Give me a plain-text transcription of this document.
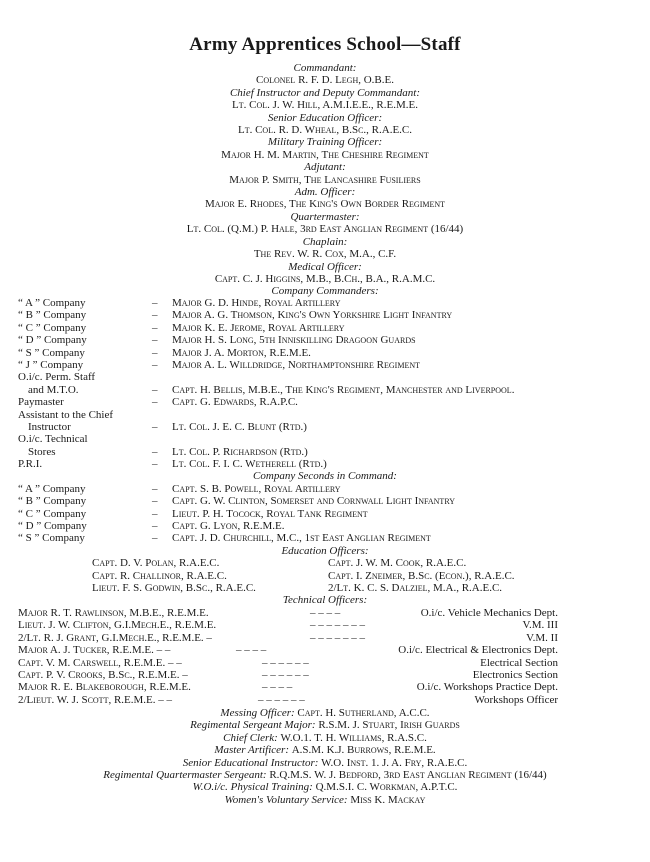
Army Apprentices School—Staff
Commandant:
Colonel R. F. D. Legh, O.B.E.
Chief Instructor and Deputy Commandant:
Lt. Col. J. W. Hill, A.M.I.E.E., R.E.M.E.
Senior Education Officer:
Lt. Col. R. D. Wheal, B.Sc., R.A.E.C.
Military Training Officer:
Major H. M. Martin, The Cheshire Regiment
Adjutant:
Major P. Smith, The Lancashire Fusiliers
Adm. Officer:
Major E. Rhodes, The King's Own Border Regiment
Quartermaster:
Lt. Col. (Q.M.) P. Hale, 3rd East Anglian Regiment (16/44)
Chaplain:
The Rev. W. R. Cox, M.A., C.F.
Medical Officer:
Capt. C. J. Higgins, M.B., B.Ch., B.A., R.A.M.C.
Company Commanders:
“ A ” Company	– Major G. D. Hinde, Royal Artillery
“ B ” Company	– Major A. G. Thomson, King's Own Yorkshire Light Infantry
“ C ” Company	– Major K. E. Jerome, Royal Artillery
“ D ” Company	– Major H. S. Long, 5th Inniskilling Dragoon Guards
“ S ” Company	– Major J. A. Morton, R.E.M.E.
“ J ” Company	– Major A. L. Willdridge, Northamptonshire Regiment
O.i/c. Perm. Staff
and M.T.O.	– Capt. H. Bellis, M.B.E., The King's Regiment, Manchester and Liverpool.
Paymaster	– Capt. G. Edwards, R.A.P.C.
Assistant to the Chief
Instructor	– Lt. Col. J. E. C. Blunt (Rtd.)
O.i/c. Technical
Stores	– Lt. Col. P. Richardson (Rtd.)
P.R.I.	– Lt. Col. F. I. C. Wetherell (Rtd.)
Company Seconds in Command:
“ A ” Company	– Capt. S. B. Powell, Royal Artillery
“ B ” Company	– Capt. G. W. Clinton, Somerset and Cornwall Light Infantry
“ C ” Company	– Lieut. P. H. Tocock, Royal Tank Regiment
“ D ” Company	– Capt. G. Lyon, R.E.M.E.
“ S ” Company	– Capt. J. D. Churchill, M.C., 1st East Anglian Regiment
Education Officers:
Capt. D. V. Polan, R.A.E.C.	Capt. J. W. M. Cook, R.A.E.C.
Capt. R. Challinor, R.A.E.C.	Capt. I. Zneimer, B.Sc. (Econ.), R.A.E.C.
Lieut. F. S. Godwin, B.Sc., R.A.E.C.	2/Lt. K. C. S. Dalziel, M.A., R.A.E.C.
Technical Officers:
Major R. T. Rawlinson, M.B.E., R.E.M.E.	– – – –	O.i/c. Vehicle Mechanics Dept.
Lieut. J. W. Clifton, G.I.Mech.E., R.E.M.E.	– – – – – – –	V.M. III
2/Lt. R. J. Grant, G.I.Mech.E., R.E.M.E. –	– – – – – – –	V.M. II
Major A. J. Tucker, R.E.M.E. – –	– – – –	O.i/c. Electrical & Electronics Dept.
Capt. V. M. Carswell, R.E.M.E. – –	– – – – – –	Electrical Section
Capt. P. V. Crooks, B.Sc., R.E.M.E. –	– – – – – –	Electronics Section
Major R. E. Blakeborough, R.E.M.E.	– – – –	O.i/c. Workshops Practice Dept.
2/Lieut. W. J. Scott, R.E.M.E. – –	– – – – – –	Workshops Officer
Messing Officer: Capt. H. Sutherland, A.C.C.
Regimental Sergeant Major: R.S.M. J. Stuart, Irish Guards
Chief Clerk: W.O.1. T. H. Williams, R.A.S.C.
Master Artificer: A.S.M. K.J. Burrows, R.E.M.E.
Senior Educational Instructor: W.O. Inst. 1. J. A. Fry, R.A.E.C.
Regimental Quartermaster Sergeant: R.Q.M.S. W. J. Bedford, 3rd East Anglian Regiment (16/44)
W.O.i/c. Physical Training: Q.M.S.I. C. Workman, A.P.T.C.
Women's Voluntary Service: Miss K. Mackay
